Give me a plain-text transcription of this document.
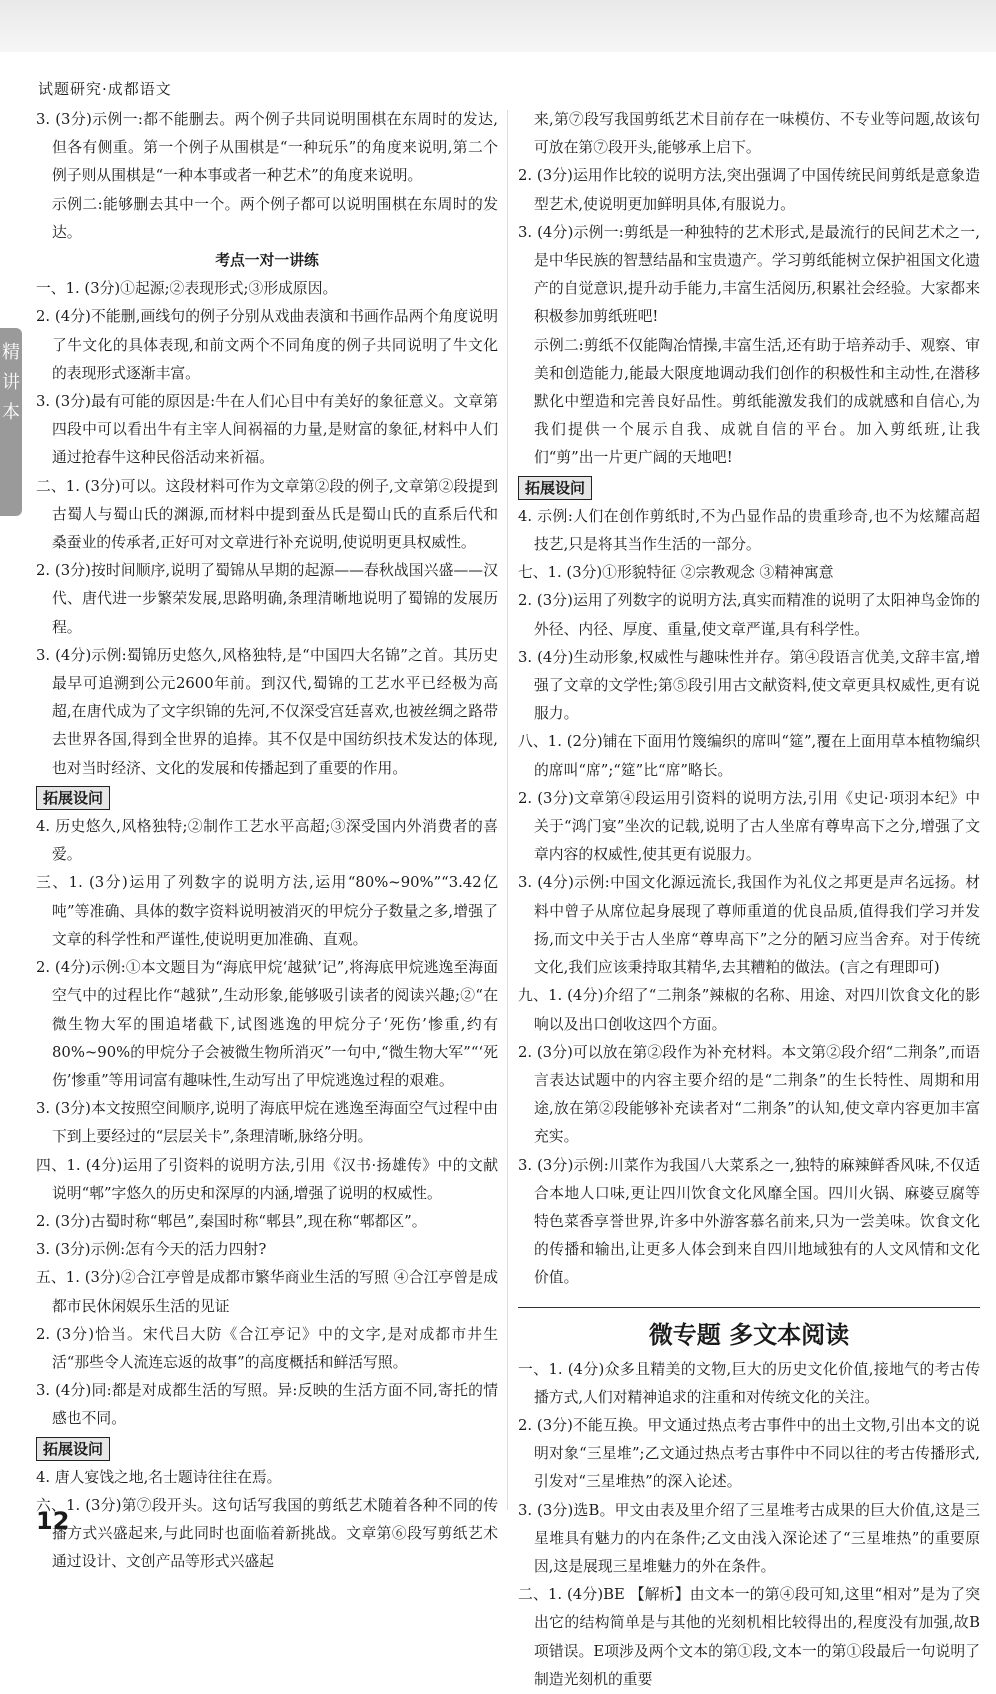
试题研究·成都语文
精
讲
本

3. (3分)示例一:都不能删去。两个例子共同说明围棋在东周时的发达,但各有侧重。第一个例子从围棋是“一种玩乐”的角度来说明,第二个例子则从围棋是“一种本事或者一种艺术”的角度来说明。

示例二:能够删去其中一个。两个例子都可以说明围棋在东周时的发达。

考点一对一讲练

一、1. (3分)①起源;②表现形式;③形成原因。

2. (4分)不能删,画线句的例子分别从戏曲表演和书画作品两个角度说明了牛文化的具体表现,和前文两个不同角度的例子共同说明了牛文化的表现形式逐渐丰富。

3. (3分)最有可能的原因是:牛在人们心目中有美好的象征意义。文章第四段中可以看出牛有主宰人间祸福的力量,是财富的象征,材料中人们通过抢春牛这种民俗活动来祈福。

二、1. (3分)可以。这段材料可作为文章第②段的例子,文章第②段提到古蜀人与蜀山氏的渊源,而材料中提到蚕丛氏是蜀山氏的直系后代和桑蚕业的传承者,正好可对文章进行补充说明,使说明更具权威性。

2. (3分)按时间顺序,说明了蜀锦从早期的起源——春秋战国兴盛——汉代、唐代进一步繁荣发展,思路明确,条理清晰地说明了蜀锦的发展历程。

3. (4分)示例:蜀锦历史悠久,风格独特,是“中国四大名锦”之首。其历史最早可追溯到公元2600年前。到汉代,蜀锦的工艺水平已经极为高超,在唐代成为了文字织锦的先河,不仅深受宫廷喜欢,也被丝绸之路带去世界各国,得到全世界的追捧。其不仅是中国纺织技术发达的体现,也对当时经济、文化的发展和传播起到了重要的作用。

拓展设问

4. 历史悠久,风格独特;②制作工艺水平高超;③深受国内外消费者的喜爱。

三、1. (3分)运用了列数字的说明方法,运用“80%~90%”“3.42亿吨”等准确、具体的数字资料说明被消灭的甲烷分子数量之多,增强了文章的科学性和严谨性,使说明更加准确、直观。

2. (4分)示例:①本文题目为“海底甲烷‘越狱’记”,将海底甲烷逃逸至海面空气中的过程比作“越狱”,生动形象,能够吸引读者的阅读兴趣;②“在微生物大军的围追堵截下,试图逃逸的甲烷分子‘死伤’惨重,约有80%~90%的甲烷分子会被微生物所消灭”一句中,“微生物大军”“‘死伤’惨重”等用词富有趣味性,生动写出了甲烷逃逸过程的艰难。

3. (3分)本文按照空间顺序,说明了海底甲烷在逃逸至海面空气过程中由下到上要经过的“层层关卡”,条理清晰,脉络分明。

四、1. (4分)运用了引资料的说明方法,引用《汉书·扬雄传》中的文献说明“郫”字悠久的历史和深厚的内涵,增强了说明的权威性。

2. (3分)古蜀时称“郫邑”,秦国时称“郫县”,现在称“郫都区”。

3. (3分)示例:怎有今天的活力四射?

五、1. (3分)②合江亭曾是成都市繁华商业生活的写照 ④合江亭曾是成都市民休闲娱乐生活的见证

2. (3分)恰当。宋代吕大防《合江亭记》中的文字,是对成都市井生活“那些令人流连忘返的故事”的高度概括和鲜活写照。

3. (4分)同:都是对成都生活的写照。异:反映的生活方面不同,寄托的情感也不同。

拓展设问

4. 唐人宴饯之地,名士题诗往往在焉。

六、1. (3分)第⑦段开头。这句话写我国的剪纸艺术随着各种不同的传播方式兴盛起来,与此同时也面临着新挑战。文章第⑥段写剪纸艺术通过设计、文创产品等形式兴盛起

来,第⑦段写我国剪纸艺术目前存在一味模仿、不专业等问题,故该句可放在第⑦段开头,能够承上启下。

2. (3分)运用作比较的说明方法,突出强调了中国传统民间剪纸是意象造型艺术,使说明更加鲜明具体,有服说力。

3. (4分)示例一:剪纸是一种独特的艺术形式,是最流行的民间艺术之一,是中华民族的智慧结晶和宝贵遗产。学习剪纸能树立保护祖国文化遗产的自觉意识,提升动手能力,丰富生活阅历,积累社会经验。大家都来积极参加剪纸班吧!

示例二:剪纸不仅能陶冶情操,丰富生活,还有助于培养动手、观察、审美和创造能力,能最大限度地调动我们创作的积极性和主动性,在潜移默化中塑造和完善良好品性。剪纸能激发我们的成就感和自信心,为我们提供一个展示自我、成就自信的平台。加入剪纸班,让我们“剪”出一片更广阔的天地吧!

拓展设问

4. 示例:人们在创作剪纸时,不为凸显作品的贵重珍奇,也不为炫耀高超技艺,只是将其当作生活的一部分。

七、1. (3分)①形貌特征 ②宗教观念 ③精神寓意

2. (3分)运用了列数字的说明方法,真实而精准的说明了太阳神鸟金饰的外径、内径、厚度、重量,使文章严谨,具有科学性。

3. (4分)生动形象,权威性与趣味性并存。第④段语言优美,文辞丰富,增强了文章的文学性;第⑤段引用古文献资料,使文章更具权威性,更有说服力。

八、1. (2分)铺在下面用竹篾编织的席叫“筵”,覆在上面用草本植物编织的席叫“席”;“筵”比“席”略长。

2. (3分)文章第④段运用引资料的说明方法,引用《史记·项羽本纪》中关于“鸿门宴”坐次的记载,说明了古人坐席有尊卑高下之分,增强了文章内容的权威性,使其更有说服力。

3. (4分)示例:中国文化源远流长,我国作为礼仪之邦更是声名远扬。材料中曾子从席位起身展现了尊师重道的优良品质,值得我们学习并发扬,而文中关于古人坐席“尊卑高下”之分的陋习应当舍弃。对于传统文化,我们应该秉持取其精华,去其糟粕的做法。(言之有理即可)

九、1. (4分)介绍了“二荆条”辣椒的名称、用途、对四川饮食文化的影响以及出口创收这四个方面。

2. (3分)可以放在第②段作为补充材料。本文第②段介绍“二荆条”,而语言表达试题中的内容主要介绍的是“二荆条”的生长特性、周期和用途,放在第②段能够补充读者对“二荆条”的认知,使文章内容更加丰富充实。

3. (3分)示例:川菜作为我国八大菜系之一,独特的麻辣鲜香风味,不仅适合本地人口味,更让四川饮食文化风靡全国。四川火锅、麻婆豆腐等特色菜香享誉世界,许多中外游客慕名前来,只为一尝美味。饮食文化的传播和输出,让更多人体会到来自四川地域独有的人文风情和文化价值。

微专题 多文本阅读

一、1. (4分)众多且精美的文物,巨大的历史文化价值,接地气的考古传播方式,人们对精神追求的注重和对传统文化的关注。

2. (3分)不能互换。甲文通过热点考古事件中的出土文物,引出本文的说明对象“三星堆”;乙文通过热点考古事件中不同以往的考古传播形式,引发对“三星堆热”的深入论述。

3. (3分)选B。甲文由表及里介绍了三星堆考古成果的巨大价值,这是三星堆具有魅力的内在条件;乙文由浅入深论述了“三星堆热”的重要原因,这是展现三星堆魅力的外在条件。

二、1. (4分)BE 【解析】由文本一的第④段可知,这里“相对”是为了突出它的结构简单是与其他的光刻机相比较得出的,程度没有加强,故B项错误。E项涉及两个文本的第①段,文本一的第①段最后一句说明了制造光刻机的重要

12
